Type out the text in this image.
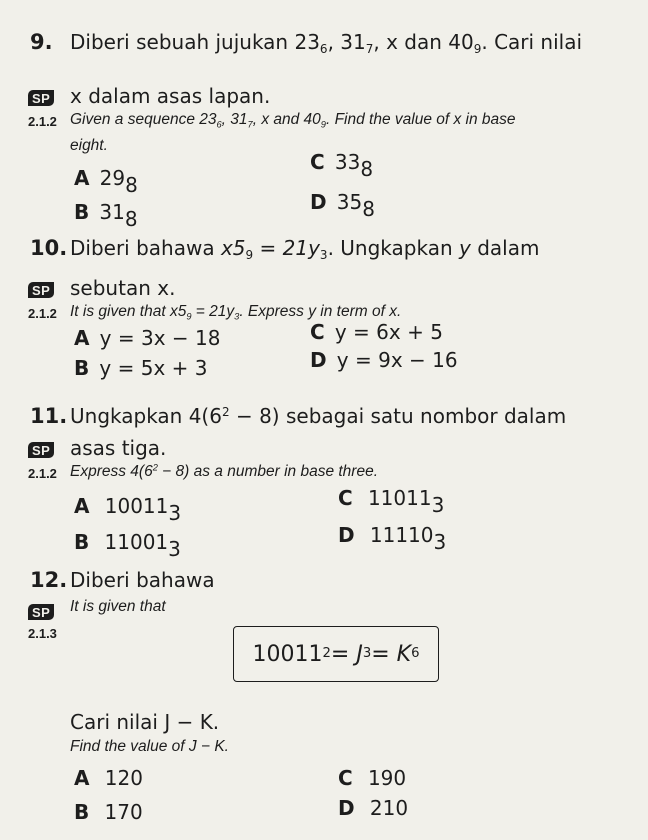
9. Diberi sebuah jujukan $23_6$, $31_7$, x dan $40_9$. Cari nilai
SP x dalam asas lapan.
2.1.2 Given a sequence $23_6$, $31_7$, x and $40_9$. Find the value of x in base
eight.
A $29_8$
B $31_8$
C $33_8$
D $35_8$
10. Diberi bahawa $x5_9 = 21y_3$. Ungkapkan y dalam
SP sebutan x.
2.1.2 It is given that $x5_9 = 21y_3$. Express y in term of x.
A y = 3x − 18
B y = 5x + 3
C y = 6x + 5
D y = 9x − 16
11. Ungkapkan $4(6^2 - 8)$ sebagai satu nombor dalam
SP asas tiga.
2.1.2 Express $4(6^2 - 8)$ as a number in base three.
A $10011_3$
B $11001_3$
C $11011_3$
D $11110_3$
12. Diberi bahawa
SP It is given that
2.1.3
10011 2 = J 3 = K 6
Cari nilai J − K.
Find the value of J − K.
A 120
B 170
C 190
D 210
